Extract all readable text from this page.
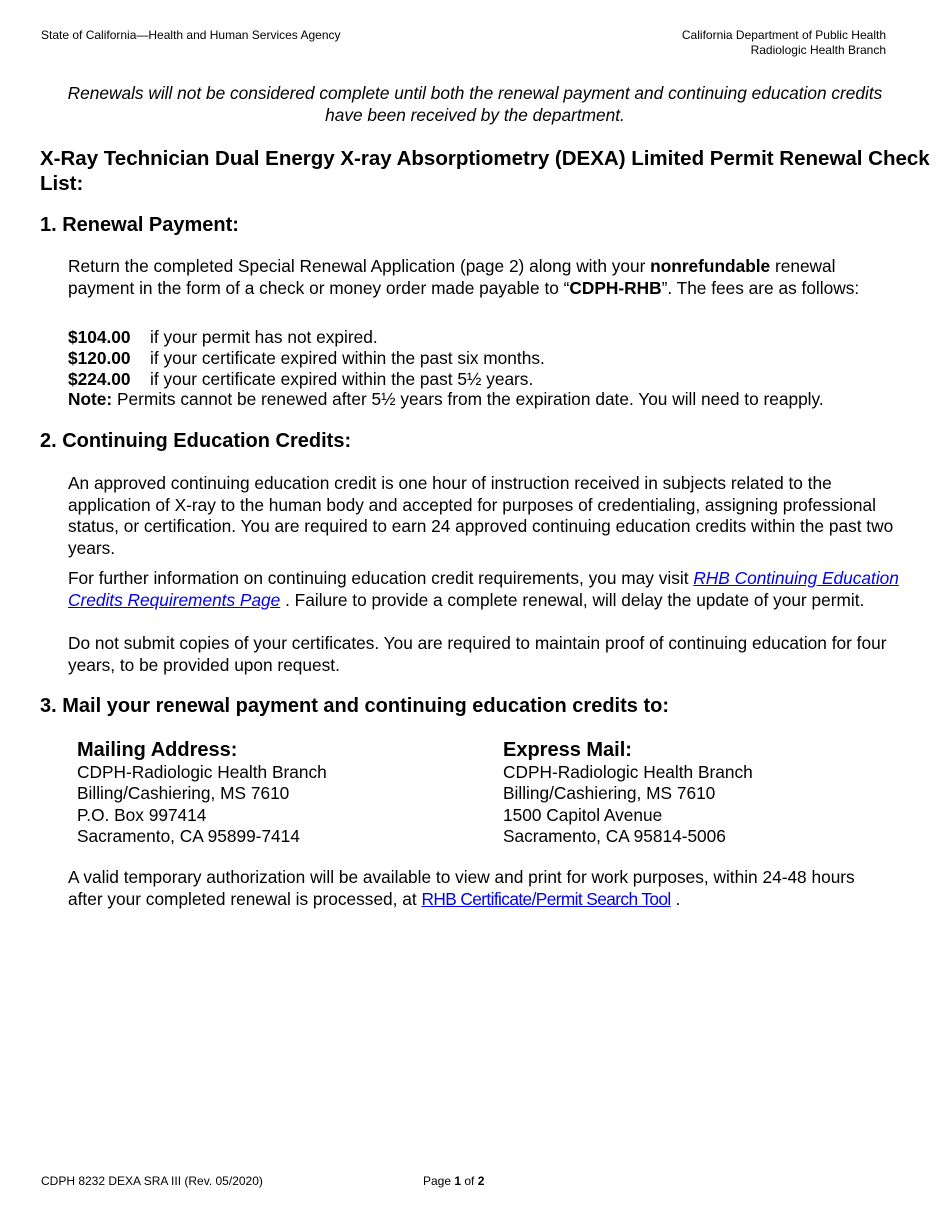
State of California—Health and Human Services Agency	California Department of Public Health
Radiologic Health Branch
Renewals will not be considered complete until both the renewal payment and continuing education credits have been received by the department.
X-Ray Technician Dual Energy X-ray Absorptiometry (DEXA) Limited Permit Renewal Check List:
1. Renewal Payment:
Return the completed Special Renewal Application (page 2) along with your nonrefundable renewal payment in the form of a check or money order made payable to “CDPH-RHB”. The fees are as follows:
$104.00 if your permit has not expired.
$120.00 if your certificate expired within the past six months.
$224.00 if your certificate expired within the past 5½ years.
Note: Permits cannot be renewed after 5½ years from the expiration date. You will need to reapply.
2. Continuing Education Credits:
An approved continuing education credit is one hour of instruction received in subjects related to the application of X-ray to the human body and accepted for purposes of credentialing, assigning professional status, or certification. You are required to earn 24 approved continuing education credits within the past two years.
For further information on continuing education credit requirements, you may visit RHB Continuing Education Credits Requirements Page . Failure to provide a complete renewal, will delay the update of your permit.
Do not submit copies of your certificates. You are required to maintain proof of continuing education for four years, to be provided upon request.
3. Mail your renewal payment and continuing education credits to:
Mailing Address:
CDPH-Radiologic Health Branch
Billing/Cashiering, MS 7610
P.O. Box 997414
Sacramento, CA 95899-7414
Express Mail:
CDPH-Radiologic Health Branch
Billing/Cashiering, MS 7610
1500 Capitol Avenue
Sacramento, CA 95814-5006
A valid temporary authorization will be available to view and print for work purposes, within 24-48 hours after your completed renewal is processed, at RHB Certificate/Permit Search Tool .
CDPH 8232 DEXA SRA III (Rev. 05/2020)	Page 1 of 2
